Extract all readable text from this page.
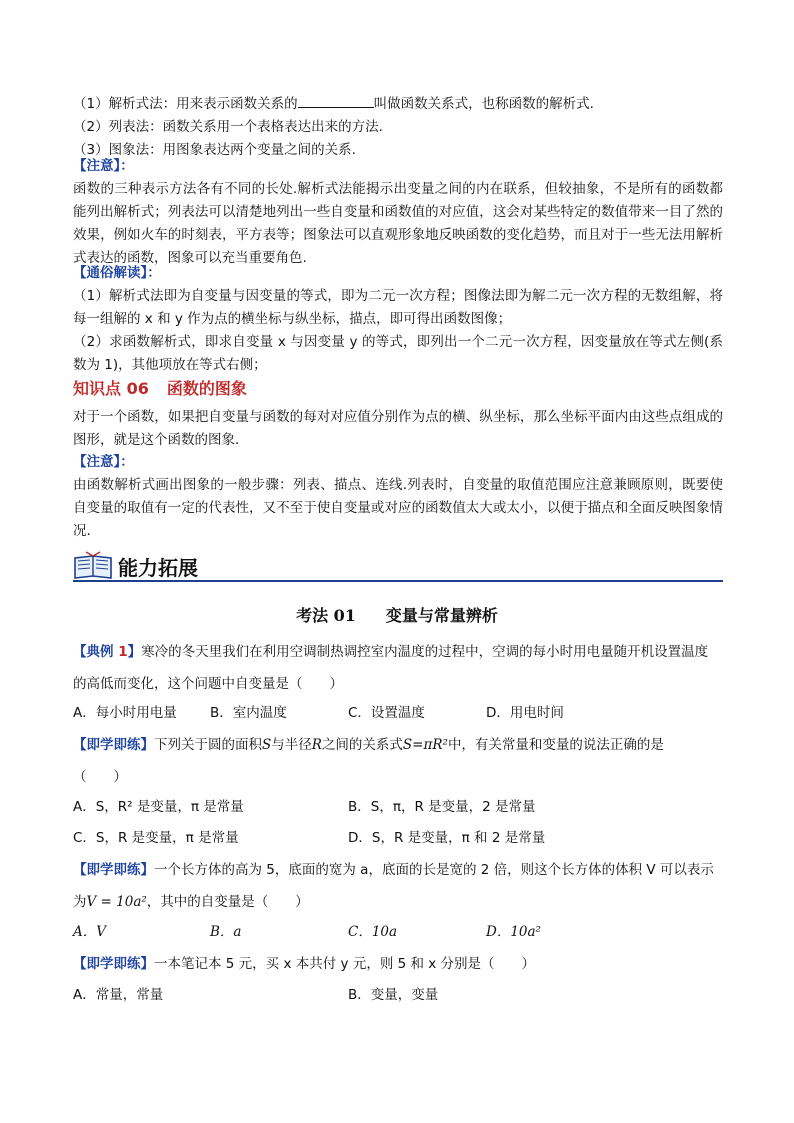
（1）解析式法：用来表示函数关系的	叫做函数关系式，也称函数的解析式.
（2）列表法：函数关系用一个表格表达出来的方法.
（3）图象法：用图象表达两个变量之间的关系.
【注意】：
函数的三种表示方法各有不同的长处.解析式法能揭示出变量之间的内在联系，但较抽象，不是所有的函数都能列出解析式；列表法可以清楚地列出一些自变量和函数值的对应值，这会对某些特定的数值带来一目了然的效果，例如火车的时刻表，平方表等；图象法可以直观形象地反映函数的变化趋势，而且对于一些无法用解析式表达的函数，图象可以充当重要角色.
【通俗解读】：
（1）解析式法即为自变量与因变量的等式，即为二元一次方程；图像法即为解二元一次方程的无数组解，将每一组解的 x 和 y 作为点的横坐标与纵坐标，描点，即可得出函数图像；
（2）求函数解析式，即求自变量 x 与因变量 y 的等式，即列出一个二元一次方程，因变量放在等式左侧(系数为 1)，其他项放在等式右侧；
知识点 06 函数的图象
对于一个函数，如果把自变量与函数的每对对应值分别作为点的横、纵坐标，那么坐标平面内由这些点组成的图形，就是这个函数的图象.
【注意】：
由函数解析式画出图象的一般步骤：列表、描点、连线.列表时，自变量的取值范围应注意兼顾原则，既要使自变量的取值有一定的代表性，又不至于使自变量或对应的函数值太大或太小，以便于描点和全面反映图象情况.
能力拓展
考法 01 变量与常量辨析
【典例 1】寒冷的冬天里我们在利用空调制热调控室内温度的过程中，空调的每小时用电量随开机设置温度
的高低而变化，这个问题中自变量是（　　）
A．每小时用电量 B．室内温度	C．设置温度	D．用电时间
【即学即练】下列关于圆的面积S与半径R之间的关系式S=πR²中，有关常量和变量的说法正确的是
（　　）
A．S，R² 是变量，π 是常量	B．S，π，R 是变量，2 是常量
C．S，R 是变量，π 是常量	D．S，R 是变量，π 和 2 是常量
【即学即练】一个长方体的高为 5，底面的宽为 a，底面的长是宽的 2 倍，则这个长方体的体积 V 可以表示
为V = 10a²，其中的自变量是（　　）
A．V	B．a	C．10a	D．10a²
【即学即练】一本笔记本 5 元，买 x 本共付 y 元，则 5 和 x 分别是（　　）
A．常量，常量	B．变量，变量
